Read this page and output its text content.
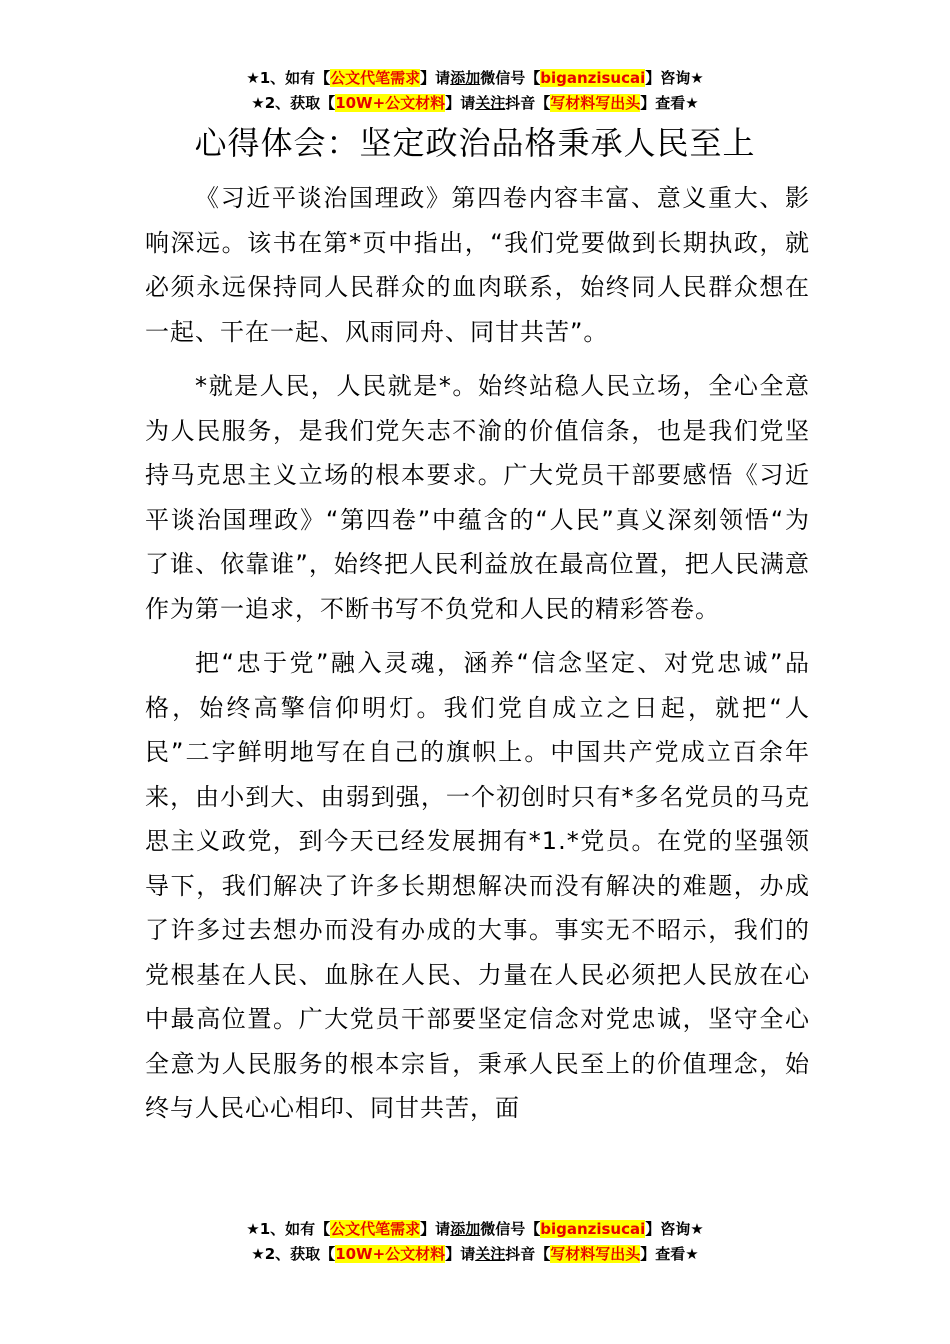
★1、如有【公文代笔需求】请添加微信号【biganzisucai】咨询★
★2、获取【10W+公文材料】请关注抖音【写材料写出头】查看★
心得体会：坚定政治品格秉承人民至上

《习近平谈治国理政》第四卷内容丰富、意义重大、影响深远。该书在第*页中指出，“我们党要做到长期执政，就必须永远保持同人民群众的血肉联系，始终同人民群众想在一起、干在一起、风雨同舟、同甘共苦”。

*就是人民，人民就是*。始终站稳人民立场，全心全意为人民服务，是我们党矢志不渝的价值信条，也是我们党坚持马克思主义立场的根本要求。广大党员干部要感悟《习近平谈治国理政》“第四卷”中蕴含的“人民”真义深刻领悟“为了谁、依靠谁”，始终把人民利益放在最高位置，把人民满意作为第一追求，不断书写不负党和人民的精彩答卷。

把“忠于党”融入灵魂，涵养“信念坚定、对党忠诚”品格，始终高擎信仰明灯。我们党自成立之日起，就把“人民”二字鲜明地写在自己的旗帜上。中国共产党成立百余年来，由小到大、由弱到强，一个初创时只有*多名党员的马克思主义政党，到今天已经发展拥有*1.*党员。在党的坚强领导下，我们解决了许多长期想解决而没有解决的难题，办成了许多过去想办而没有办成的大事。事实无不昭示，我们的党根基在人民、血脉在人民、力量在人民必须把人民放在心中最高位置。广大党员干部要坚定信念对党忠诚，坚守全心全意为人民服务的根本宗旨，秉承人民至上的价值理念，始终与人民心心相印、同甘共苦，面

★1、如有【公文代笔需求】请添加微信号【biganzisucai】咨询★
★2、获取【10W+公文材料】请关注抖音【写材料写出头】查看★
